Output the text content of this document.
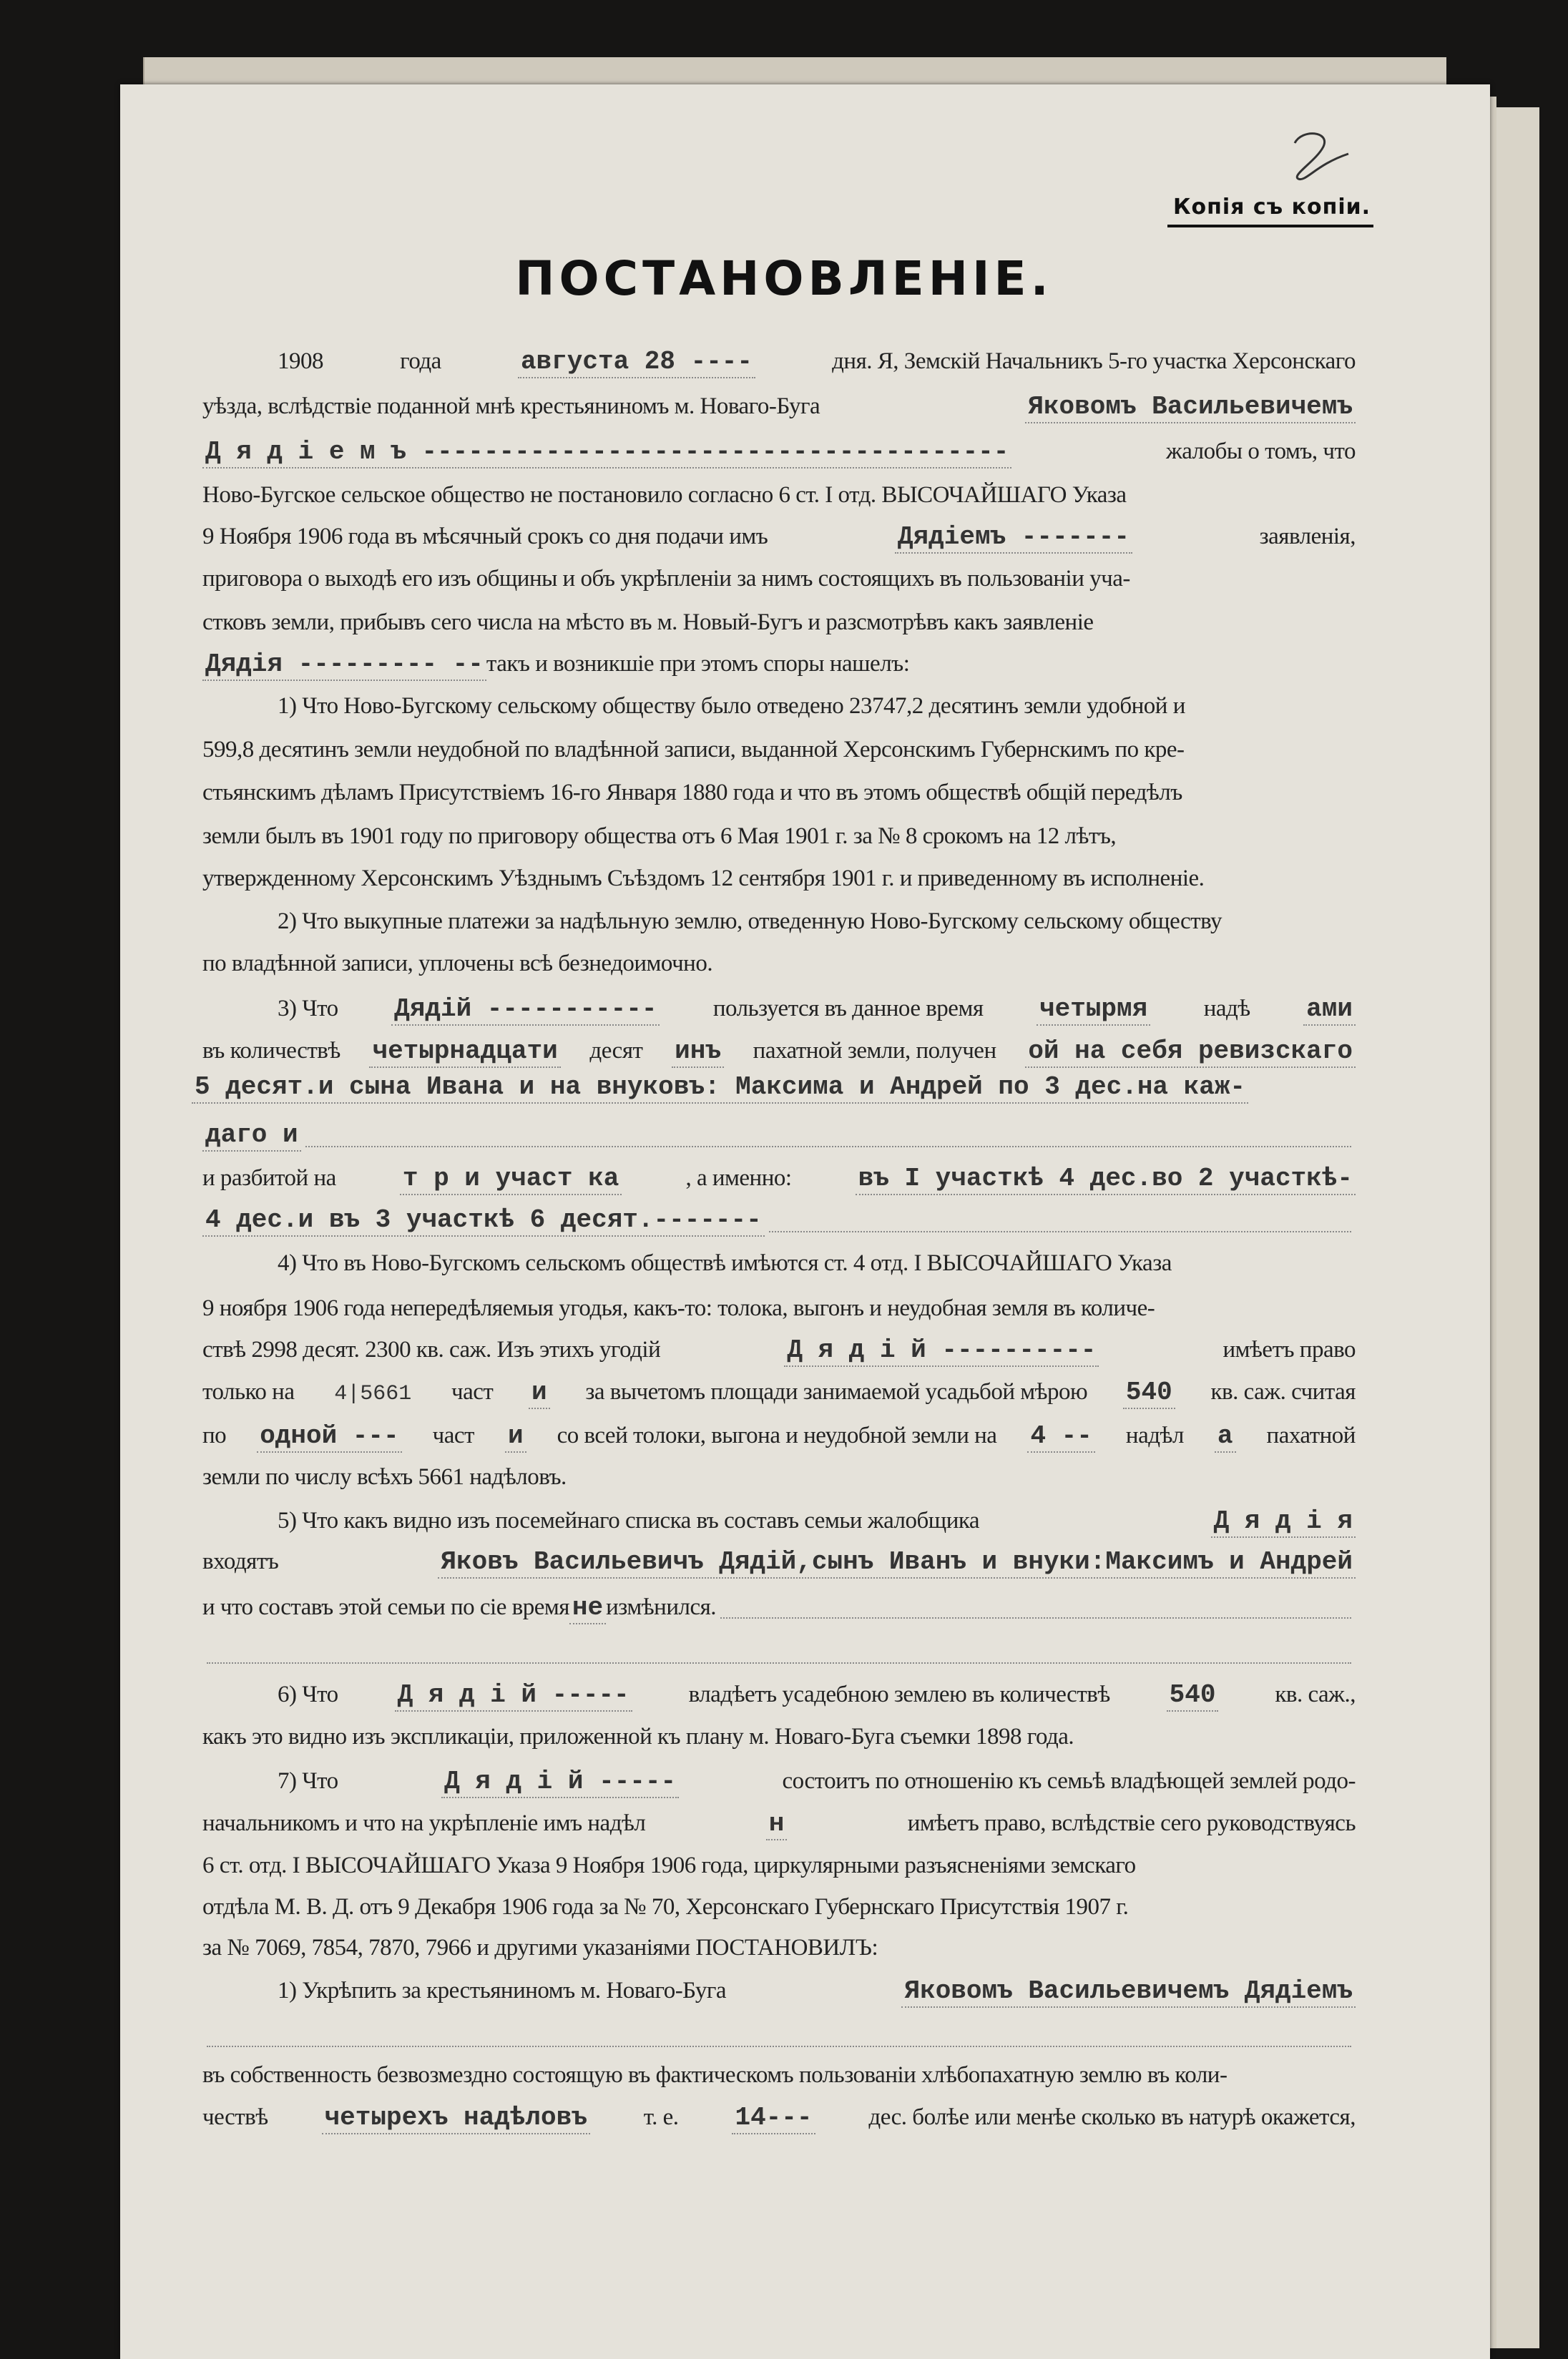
Копія съ копіи.
ПОСТАНОВЛЕНІЕ.
1908	года	августа 28 ----	дня. Я, Земскій Начальникъ 5-го участка Херсонскаго
уѣзда, вслѣдствіе поданной мнѣ крестьяниномъ м. Новаго-Буга	Яковомъ Васильевичемъ
Д я д і е м ъ --------------------------------------	жалобы о томъ, что
Ново-Бугское сельское общество не постановило согласно 6 ст. I отд. ВЫСОЧАЙШАГО Указа
9 Ноября 1906 года въ мѣсячный срокъ со дня подачи имъ	Дядіемъ -------	заявленія,
приговора о выходѣ его изъ общины и объ укрѣпленіи за нимъ состоящихъ въ пользованіи уча-
стковъ земли, прибывъ сего числа на мѣсто въ м. Новый-Бугъ и разсмотрѣвъ какъ заявленіе
Дядія --------- -- такъ и возникшіе при этомъ споры нашелъ:
1) Что Ново-Бугскому сельскому обществу было отведено 23747,2 десятинъ земли удобной и
599,8 десятинъ земли неудобной по владѣнной записи, выданной Херсонскимъ Губернскимъ по кре-
стьянскимъ дѣламъ Присутствіемъ 16-го Января 1880 года и что въ этомъ обществѣ общій передѣлъ
земли былъ въ 1901 году по приговору общества отъ 6 Мая 1901 г. за № 8 срокомъ на 12 лѣтъ,
утвержденному Херсонскимъ Уѣзднымъ Съѣздомъ 12 сентября 1901 г. и приведенному въ исполненіе.
2) Что выкупные платежи за надѣльную землю, отведенную Ново-Бугскому сельскому обществу
по владѣнной записи, уплочены всѣ безнедоимочно.
3) Что Дядій ----------- пользуется въ данное время четырмя надѣ ами
въ количествѣ четырнадцати десят инъ пахатной земли, получен ой на себя ревизскаго
5 десят.и сына Ивана и на внуковъ: Максима и Андрей по 3 дес.на каж-
даго и
и разбитой на	т р и участ ка	, а именно:	въ I участкѣ 4 дес.во 2 участкѣ-
4 дес.и въ 3 участкѣ 6 десят.-------
4) Что въ Ново-Бугскомъ сельскомъ обществѣ имѣются ст. 4 отд. I ВЫСОЧАЙШАГО Указа
9 ноября 1906 года непередѣляемыя угодья, какъ-то: толока, выгонъ и неудобная земля въ количе-
ствѣ 2998 десят. 2300 кв. саж. Изъ этихъ угодій	Д я д і й ----------	имѣетъ право
только на 4|5661 част и за вычетомъ площади занимаемой усадьбой мѣрою 540 кв. саж. считая
по одной --- част и со всей толоки, выгона и неудобной земли на 4 -- надѣл а пахатной
земли по числу всѣхъ 5661 надѣловъ.
5) Что какъ видно изъ посемейнаго списка въ составъ семьи жалобщика	Д я д і я
входятъ	Яковъ Васильевичъ Дядій,сынъ Иванъ и внуки:Максимъ и Андрей
и что составъ этой семьи по сіе время не измѣнился.
6) Что Д я д і й -----	владѣетъ усадебною землею въ количествѣ 540	кв. саж.,
какъ это видно изъ экспликаціи, приложенной къ плану м. Новаго-Буга съемки 1898 года.
7) Что	Д я д і й -----	состоитъ по отношенію къ семьѣ владѣющей землей родо-
начальникомъ и что на укрѣпленіе имъ надѣл	н	имѣетъ право, вслѣдствіе сего руководствуясь
6 ст. отд. I ВЫСОЧАЙШАГО Указа 9 Ноября 1906 года, циркулярными разъясненіями земскаго
отдѣла М. В. Д. отъ 9 Декабря 1906 года за № 70, Херсонскаго Губернскаго Присутствія 1907 г.
за № 7069, 7854, 7870, 7966 и другими указаніями ПОСТАНОВИЛЪ:
1) Укрѣпить за крестьяниномъ м. Новаго-Буга	Яковомъ Васильевичемъ Дядіемъ
въ собственность безвозмездно состоящую въ фактическомъ пользованіи хлѣбопахатную землю въ коли-
чествѣ четырехъ надѣловъ т. е. 14--- дес. болѣе или менѣе сколько въ натурѣ окажется,
